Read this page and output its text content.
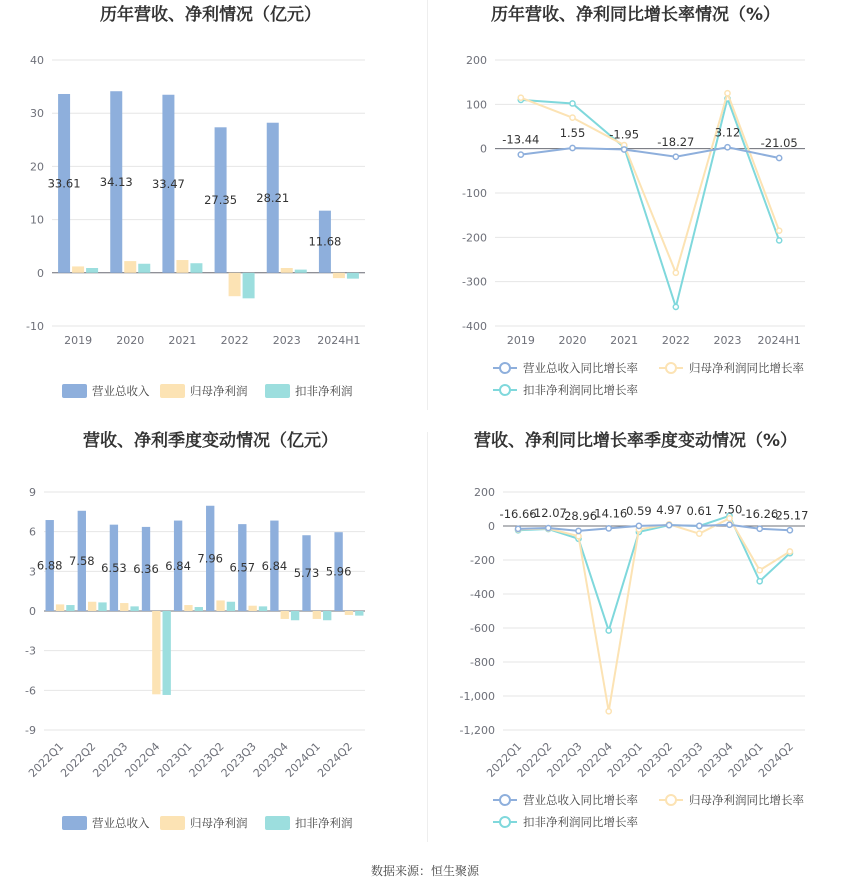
历年营收、净利情况（亿元）
40
30
20
10
0
-10
2019 2020 2021 2022 2023 2024H1
33.61 34.13 33.47
27.35 28.21
11.68
营业总收入	归母净利润	扣非净利润
历年营收、净利同比增长率情况（%）
200
100
0
-100
-200
-300
-400
2019 2020 2021 2022 2023 2024H1
-13.44 1.55 -1.95
-18.27
3.12
-21.05
营业总收入同比增长率	归母净利润同比增长率
扣非净利润同比增长率
营收、净利季度变动情况（亿元）
9
6
3
0
-3
-6
-9
2022Q1
2022Q2
2022Q3
2022Q4
2023Q1
2023Q2
2023Q3
2023Q4
2024Q1
2024Q2
6.88 7.58 6.53 6.36 6.84
7.96
6.57 6.84
5.73 5.96
营业总收入	归母净利润	扣非净利润
营收、净利同比增长率季度变动情况（%）
200
0
-200
-400
-600
-800
-1,000
-1,200
2022Q1
2022Q2
2022Q3
2022Q4
2023Q1
2023Q2
2023Q3
2023Q4
2024Q1
2024Q2
-16.66
-12.07
-28.96
-14.16
0.59 4.97 0.61 7.50
-16.26
-25.17
营业总收入同比增长率	归母净利润同比增长率
扣非净利润同比增长率
数据来源：恒生聚源
